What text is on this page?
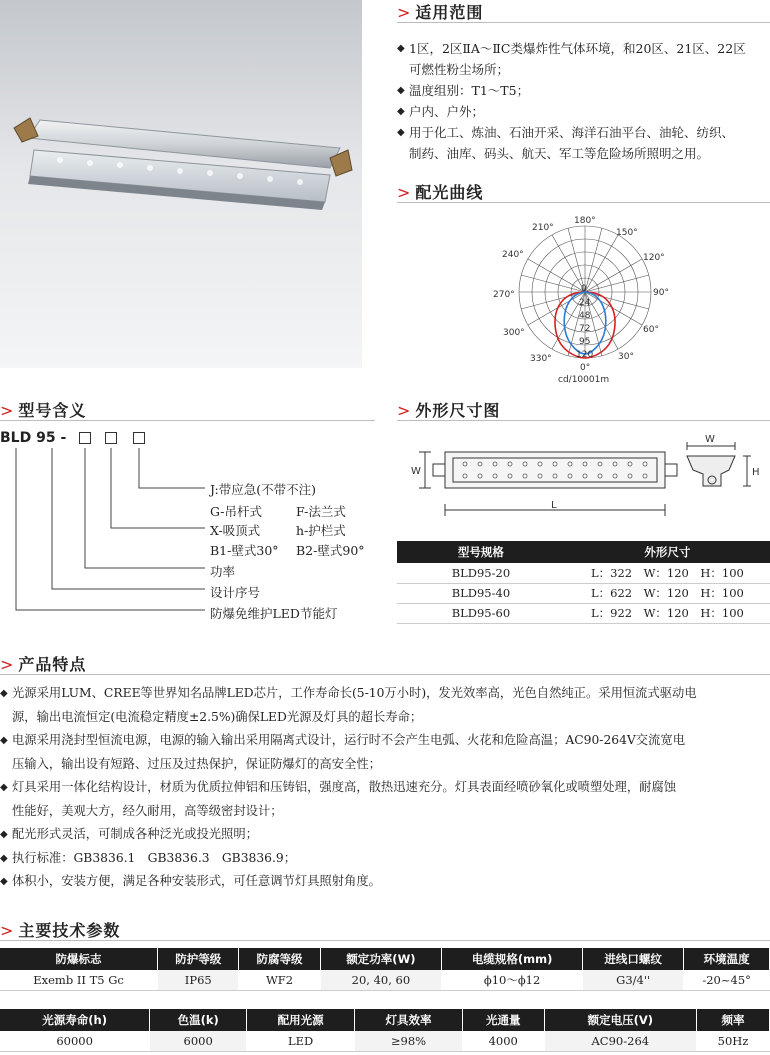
> 适用范围
◆ 1区，2区ⅡA～ⅡC类爆炸性气体环境，和20区、21区、22区
可燃性粉尘场所；
◆ 温度组别：T1～T5；
◆ 户内、户外；
◆ 用于化工、炼油、石油开采、海洋石油平台、油轮、纺织、
制药、油库、码头、航天、军工等危险场所照明之用。
> 配光曲线
180°
150°
120°
90°
60°
30°
0°
330°
300°
270°
240°
210°
0
24
48
72
95
120
cd/10001m
> 型号含义
BLD 95 -
J:带应急(不带不注)
G-吊杆式	F-法兰式
X-吸顶式	h-护栏式
B1-壁式30° B2-壁式90°
功率
设计序号
防爆免维护LED节能灯
> 外形尺寸图
W
L
W
H
型号规格	外形尺寸
BLD95-20	L：322　W：120　H：100
BLD95-40	L：622　W：120　H：100
BLD95-60	L：922　W：120　H：100
> 产品特点
◆ 光源采用LUM、CREE等世界知名品牌LED芯片，工作寿命长(5-10万小时)，发光效率高，光色自然纯正。采用恒流式驱动电
源，输出电流恒定(电流稳定精度±2.5%)确保LED光源及灯具的超长寿命；
◆ 电源采用浇封型恒流电源，电源的输入输出采用隔离式设计，运行时不会产生电弧、火花和危险高温；AC90-264V交流宽电
压输入，输出设有短路、过压及过热保护，保证防爆灯的高安全性；
◆ 灯具采用一体化结构设计，材质为优质拉伸铝和压铸铝，强度高，散热迅速充分。灯具表面经喷砂氧化或喷塑处理，耐腐蚀
性能好，美观大方，经久耐用，高等级密封设计；
◆ 配光形式灵活，可制成各种泛光或投光照明；
◆ 执行标准：GB3836.1　GB3836.3　GB3836.9；
◆ 体积小，安装方便，满足各种安装形式，可任意调节灯具照射角度。
> 主要技术参数
防爆标志	防护等级	防腐等级	额定功率(W)	电缆规格(mm)	进线口螺纹	环境温度
Exemb II T5 Gc	IP65	WF2	20, 40, 60	ϕ10～ϕ12	G3/4''	-20~45°
光源寿命(h)	色温(k)	配用光源	灯具效率	光通量	额定电压(V)	频率
60000	6000	LED	≥98%	4000	AC90-264	50Hz
